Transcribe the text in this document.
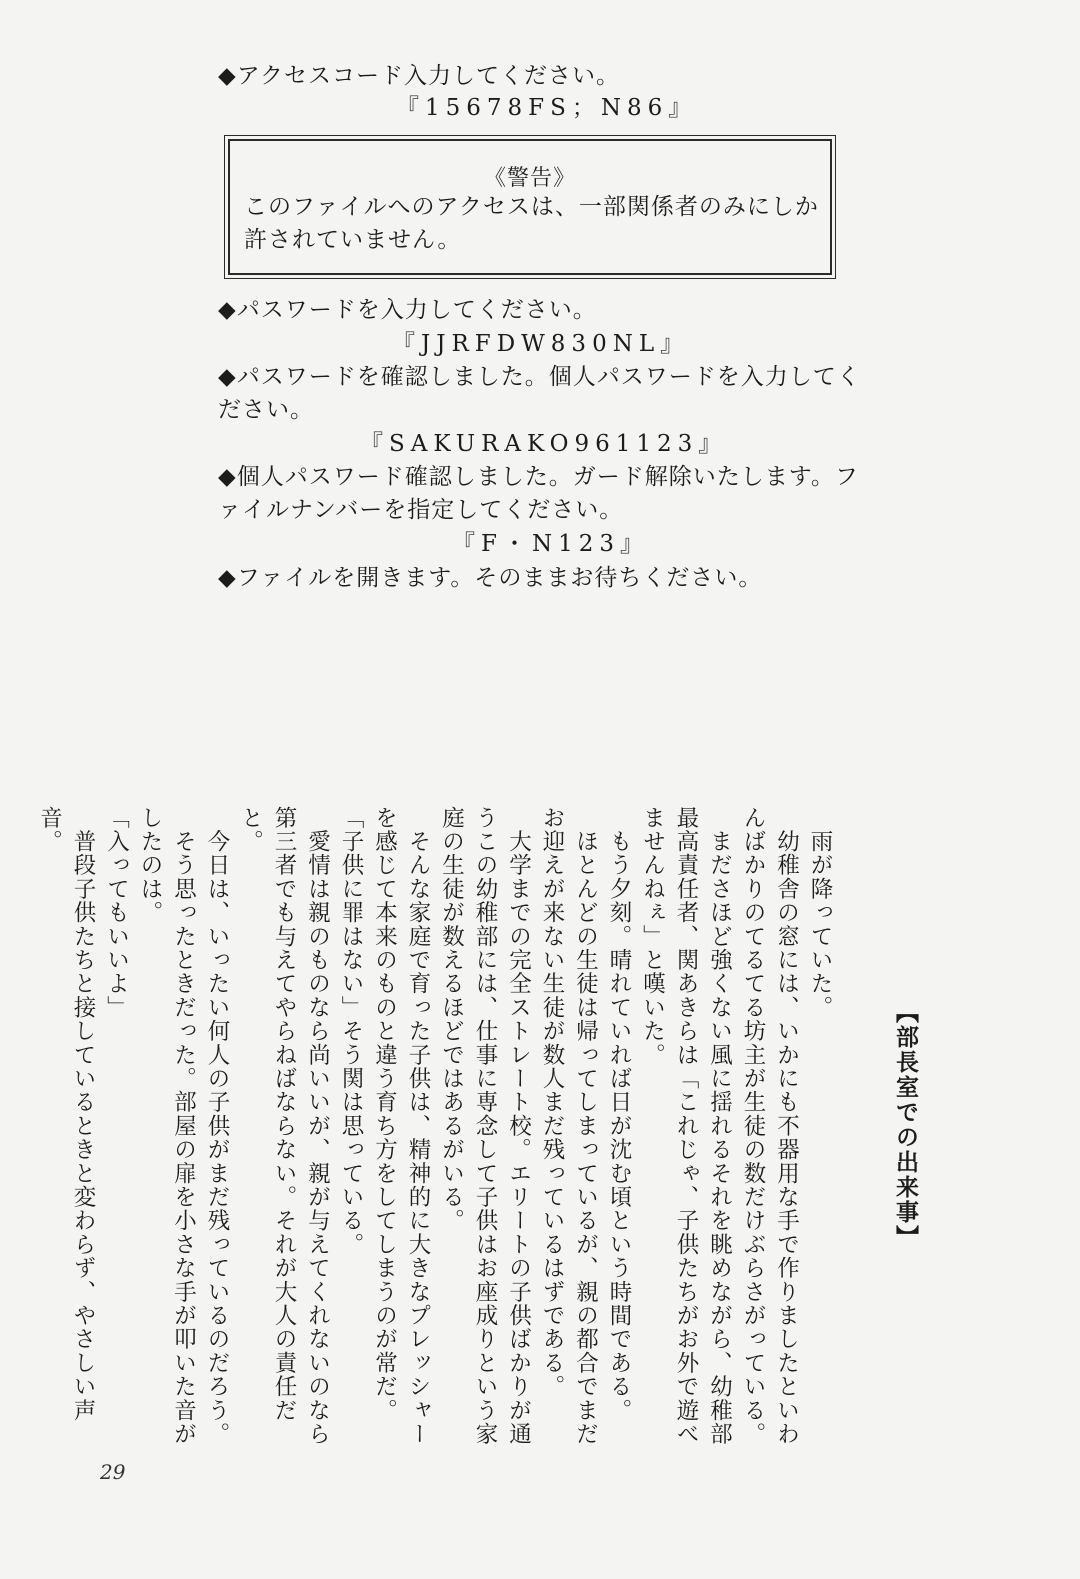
◆アクセスコード入力してください。
『15678FS；N86』
《警告》
このファイルへのアクセスは、一部関係者のみにしか許されていません。
◆パスワードを入力してください。
『JJRFDW830NL』
◆パスワードを確認しました。個人パスワードを入力してく
ださい。
『SAKURAKO961123』
◆個人パスワード確認しました。ガード解除いたします。フ
ァイルナンバーを指定してください。
『F・N123』
◆ファイルを開きます。そのままお待ちください。
【部長室での出来事】

　雨が降っていた。

　幼稚舎の窓には、いかにも不器用な手で作りましたといわんばかりのてるてる坊主が生徒の数だけぶらさがっている。

　まださほど強くない風に揺れるそれを眺めながら、幼稚部最高責任者、関あきらは「これじゃ、子供たちがお外で遊べませんねぇ」と嘆いた。

　もう夕刻。晴れていれば日が沈む頃という時間である。

　ほとんどの生徒は帰ってしまっているが、親の都合でまだお迎えが来ない生徒が数人まだ残っているはずである。

　大学までの完全ストレート校。エリートの子供ばかりが通うこの幼稚部には、仕事に専念して子供はお座成りという家庭の生徒が数えるほどではあるがいる。

　そんな家庭で育った子供は、精神的に大きなプレッシャーを感じて本来のものと違う育ち方をしてしまうのが常だ。

「子供に罪はない」そう関は思っている。

　愛情は親のものなら尚いいが、親が与えてくれないのなら第三者でも与えてやらねばならない。それが大人の責任だと。

　今日は、いったい何人の子供がまだ残っているのだろう。

　そう思ったときだった。部屋の扉を小さな手が叩いた音がしたのは。

「入ってもいいよ」

　普段子供たちと接しているときと変わらず、やさしい声音。

29
